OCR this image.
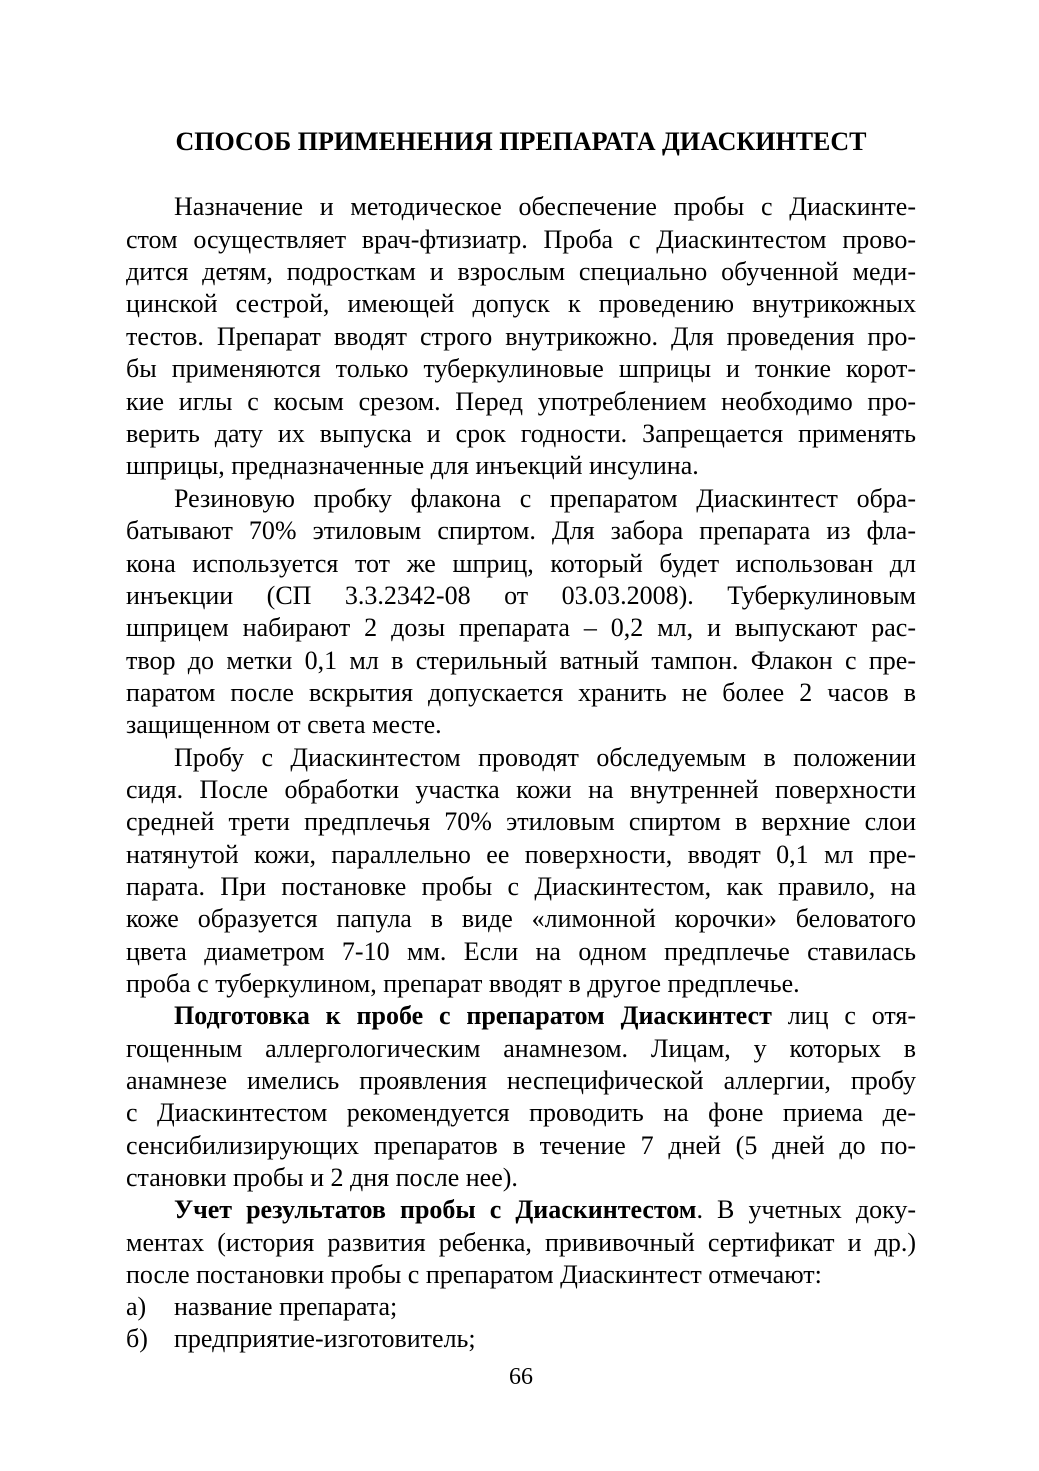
СПОСОБ ПРИМЕНЕНИЯ ПРЕПАРАТА ДИАСКИНТЕСТ
Назначение и методическое обеспечение пробы с Диаскинте-
стом осуществляет врач-фтизиатр. Проба с Диаскинтестом прово-
дится детям, подросткам и взрослым специально обученной меди-
цинской сестрой, имеющей допуск к проведению внутрикожных
тестов. Препарат вводят строго внутрикожно. Для проведения про-
бы применяются только туберкулиновые шприцы и тонкие корот-
кие иглы с косым срезом. Перед употреблением необходимо про-
верить дату их выпуска и срок годности. Запрещается применять
шприцы, предназначенные для инъекций инсулина.
Резиновую пробку флакона с препаратом Диаскинтест обра-
батывают 70% этиловым спиртом. Для забора препарата из фла-
кона используется тот же шприц, который будет использован дл
инъекции (СП 3.3.2342-08 от 03.03.2008). Туберкулиновым
шприцем набирают 2 дозы препарата – 0,2 мл, и выпускают рас-
твор до метки 0,1 мл в стерильный ватный тампон. Флакон с пре-
паратом после вскрытия допускается хранить не более 2 часов в
защищенном от света месте.
Пробу с Диаскинтестом проводят обследуемым в положении
сидя. После обработки участка кожи на внутренней поверхности
средней трети предплечья 70% этиловым спиртом в верхние слои
натянутой кожи, параллельно ее поверхности, вводят 0,1 мл пре-
парата. При постановке пробы с Диаскинтестом, как правило, на
коже образуется папула в виде «лимонной корочки» беловатого
цвета диаметром 7-10 мм. Если на одном предплечье ставилась
проба с туберкулином, препарат вводят в другое предплечье.
Подготовка к пробе с препаратом Диаскинтест лиц с отя-
гощенным аллергологическим анамнезом. Лицам, у которых в
анамнезе имелись проявления неспецифической аллергии, пробу
с Диаскинтестом рекомендуется проводить на фоне приема де-
сенсибилизирующих препаратов в течение 7 дней (5 дней до по-
становки пробы и 2 дня после нее).
Учет результатов пробы с Диаскинтестом. В учетных доку-
ментах (история развития ребенка, прививочный сертификат и др.)
после постановки пробы с препаратом Диаскинтест отмечают:
а) название препарата;
б) предприятие-изготовитель;
66
